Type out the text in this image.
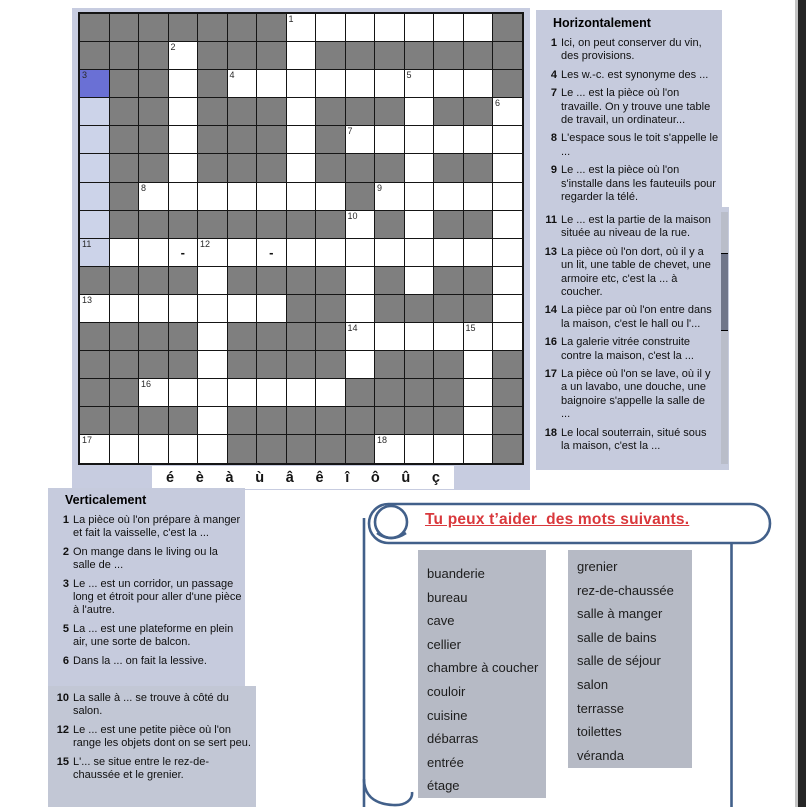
1
2
3	4	5
6
7
8	9
10
11
-
12
-
13
14	15
16
17	18
é è à ù â ê î ô û ç
Horizontalement
1 Ici, on peut conserver du vin, des provisions.
4 Les w.-c. est synonyme des ...
7 Le ... est la pièce où l'on travaille. On y trouve une table de travail, un ordinateur...
8 L'espace sous le toit s'appelle le ...
9 Le ... est la pièce où l'on s'installe dans les fauteuils pour regarder la télé.
11 Le ... est la partie de la maison située au niveau de la rue.
13 La pièce où l'on dort, où il y a un lit, une table de chevet, une armoire etc, c'est la ... à coucher.
14 La pièce par où l'on entre dans la maison, c'est le hall ou l'...
16 La galerie vitrée construite contre la maison, c'est la ...
17 La pièce où l'on se lave, où il y a un lavabo, une douche, une baignoire s'appelle la salle de ...
18 Le local souterrain, situé sous la maison, c'est la ...
Verticalement
1 La pièce où l'on prépare à manger et fait la vaisselle, c'est la ...
2 On mange dans le living ou la salle de ...
3 Le ... est un corridor, un passage long et étroit pour aller d'une pièce à l'autre.
5 La ... est une plateforme en plein air, une sorte de balcon.
6 Dans la ... on fait la lessive.
10 La salle à ... se trouve à côté du salon.
12 Le ... est une petite pièce où l'on range les objets dont on se sert peu.
15 L'... se situe entre le rez-de-chaussée et le grenier.
Tu peux t’aider  des mots suivants.
buanderie
bureau
cave
cellier
chambre à coucher
couloir
cuisine
débarras
entrée
étage
grenier
rez-de-chaussée
salle à manger
salle de bains
salle de séjour
salon
terrasse
toilettes
véranda
